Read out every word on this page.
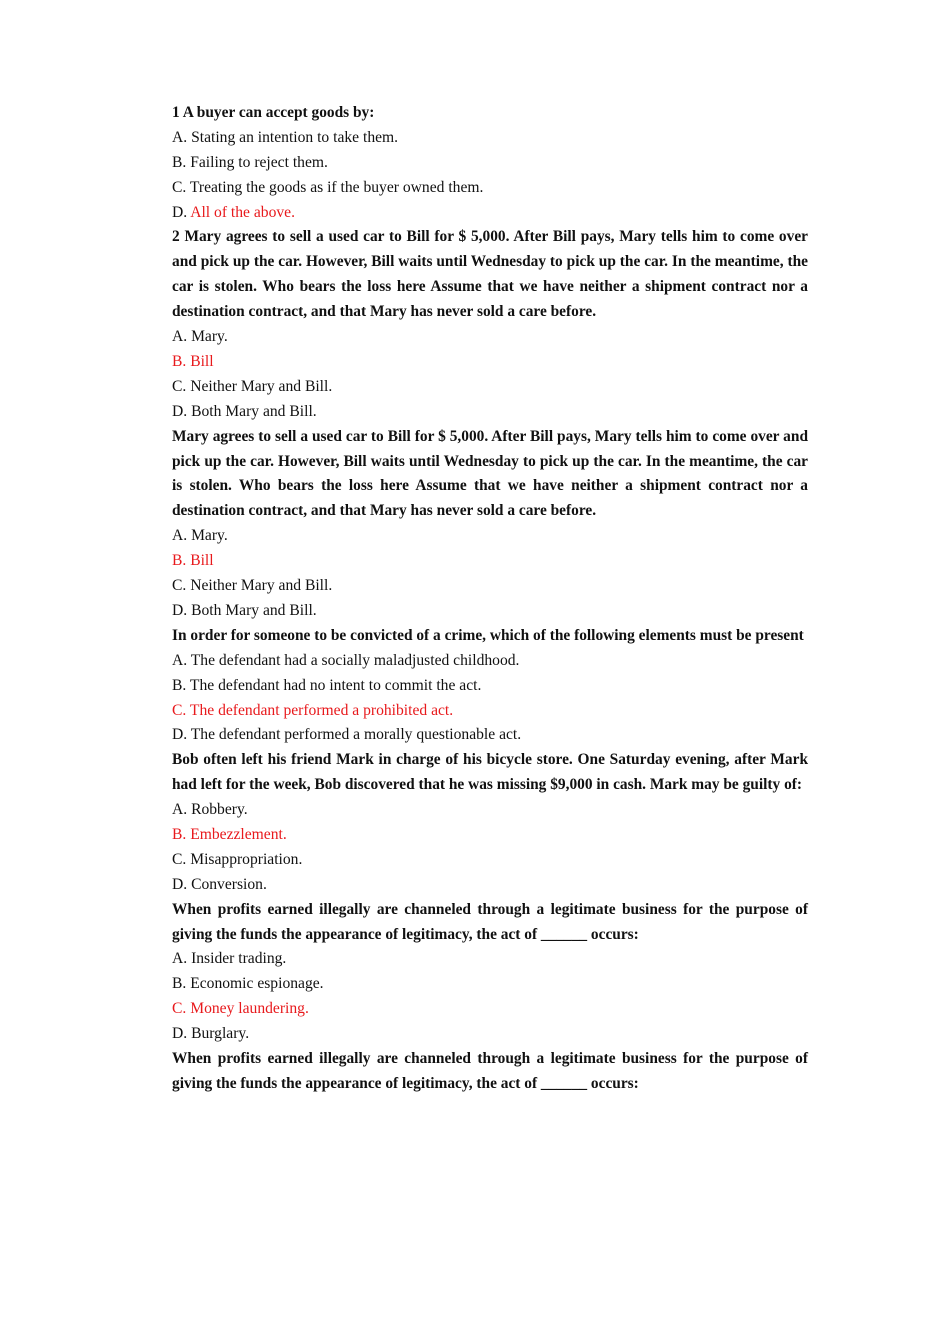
1 A buyer can accept goods by:
A. Stating an intention to take them.
B. Failing to reject them.
C. Treating the goods as if the buyer owned them.
D. All of the above.
2 Mary agrees to sell a used car to Bill for $ 5,000. After Bill pays, Mary tells him to come over and pick up the car. However, Bill waits until Wednesday to pick up the car. In the meantime, the car is stolen. Who bears the loss here Assume that we have neither a shipment contract nor a destination contract, and that Mary has never sold a care before.
A. Mary.
B. Bill
C. Neither Mary and Bill.
D. Both Mary and Bill.
Mary agrees to sell a used car to Bill for $ 5,000. After Bill pays, Mary tells him to come over and pick up the car. However, Bill waits until Wednesday to pick up the car. In the meantime, the car is stolen. Who bears the loss here Assume that we have neither a shipment contract nor a destination contract, and that Mary has never sold a care before.
A. Mary.
B. Bill
C. Neither Mary and Bill.
D. Both Mary and Bill.
In order for someone to be convicted of a crime, which of the following elements must be present
A. The defendant had a socially maladjusted childhood.
B. The defendant had no intent to commit the act.
C. The defendant performed a prohibited act.
D. The defendant performed a morally questionable act.
Bob often left his friend Mark in charge of his bicycle store. One Saturday evening, after Mark had left for the week, Bob discovered that he was missing $9,000 in cash. Mark may be guilty of:
A. Robbery.
B. Embezzlement.
C. Misappropriation.
D. Conversion.
When profits earned illegally are channeled through a legitimate business for the purpose of giving the funds the appearance of legitimacy, the act of ______ occurs:
A. Insider trading.
B. Economic espionage.
C. Money laundering.
D. Burglary.
When profits earned illegally are channeled through a legitimate business for the purpose of giving the funds the appearance of legitimacy, the act of ______ occurs:
